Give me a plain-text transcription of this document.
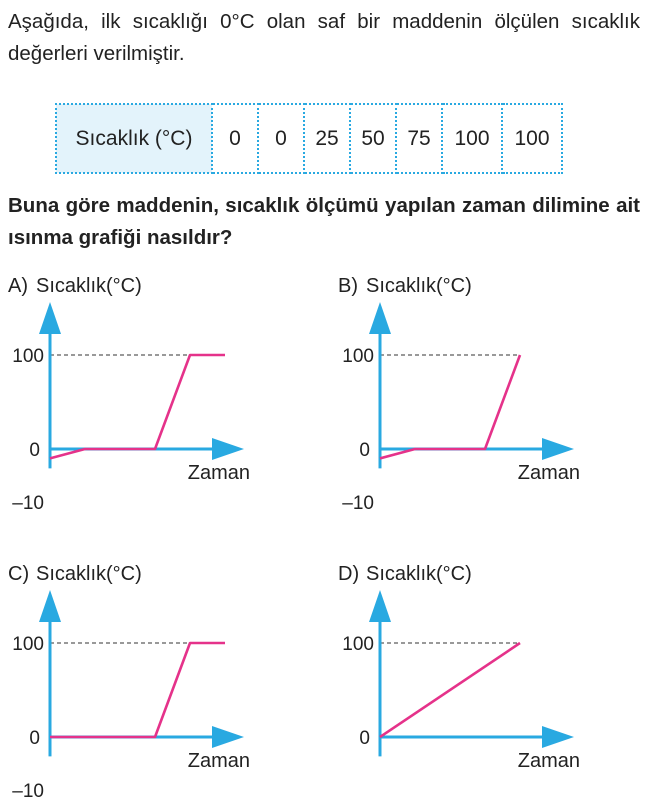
Aşağıda, ilk sıcaklığı 0°C olan saf bir maddenin ölçülen sıcaklık değerleri verilmiştir.

Sıcaklık (°C)	0	0	25	50	75	100	100

Buna göre maddenin, sıcaklık ölçümü yapılan zaman dilimine ait ısınma grafiği nasıldır?

A) Sıcaklık(°C)
100
0
–10
Zaman
B) Sıcaklık(°C)
100
0
–10
Zaman
C) Sıcaklık(°C)
100
0
–10
Zaman
D) Sıcaklık(°C)
100
0
Zaman
